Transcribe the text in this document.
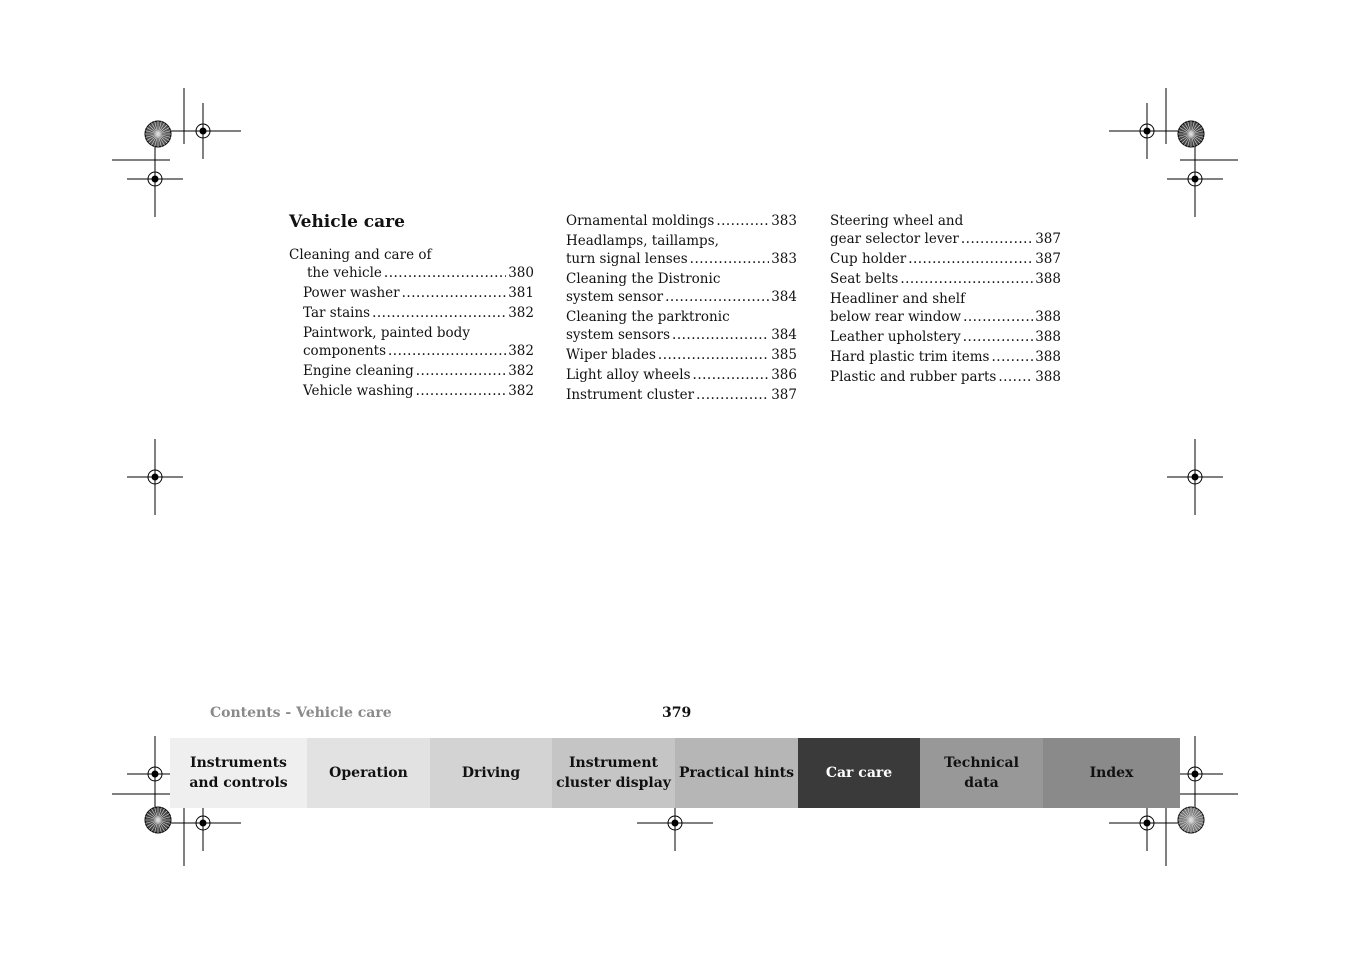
Vehicle care
Cleaning and care of
the vehicle .....	380
Power washer .....	381
Tar stains .....	382
Paintwork, painted body
components .....	382
Engine cleaning .....	382
Vehicle washing .....	382
Ornamental moldings .....	383
Headlamps, taillamps,
turn signal lenses .....	383
Cleaning the Distronic
system sensor .....	384
Cleaning the parktronic
system sensors .....	384
Wiper blades .....	385
Light alloy wheels .....	386
Instrument cluster .....	387
Steering wheel and
gear selector lever .....	387
Cup holder .....	387
Seat belts .....	388
Headliner and shelf
below rear window .....	388
Leather upholstery .....	388
Hard plastic trim items .....	388
Plastic and rubber parts .....	388
Contents - Vehicle care	379
Instruments
and controls
Operation	Driving
Instrument
cluster display
Practical hints Car care
Technical
data
Index
